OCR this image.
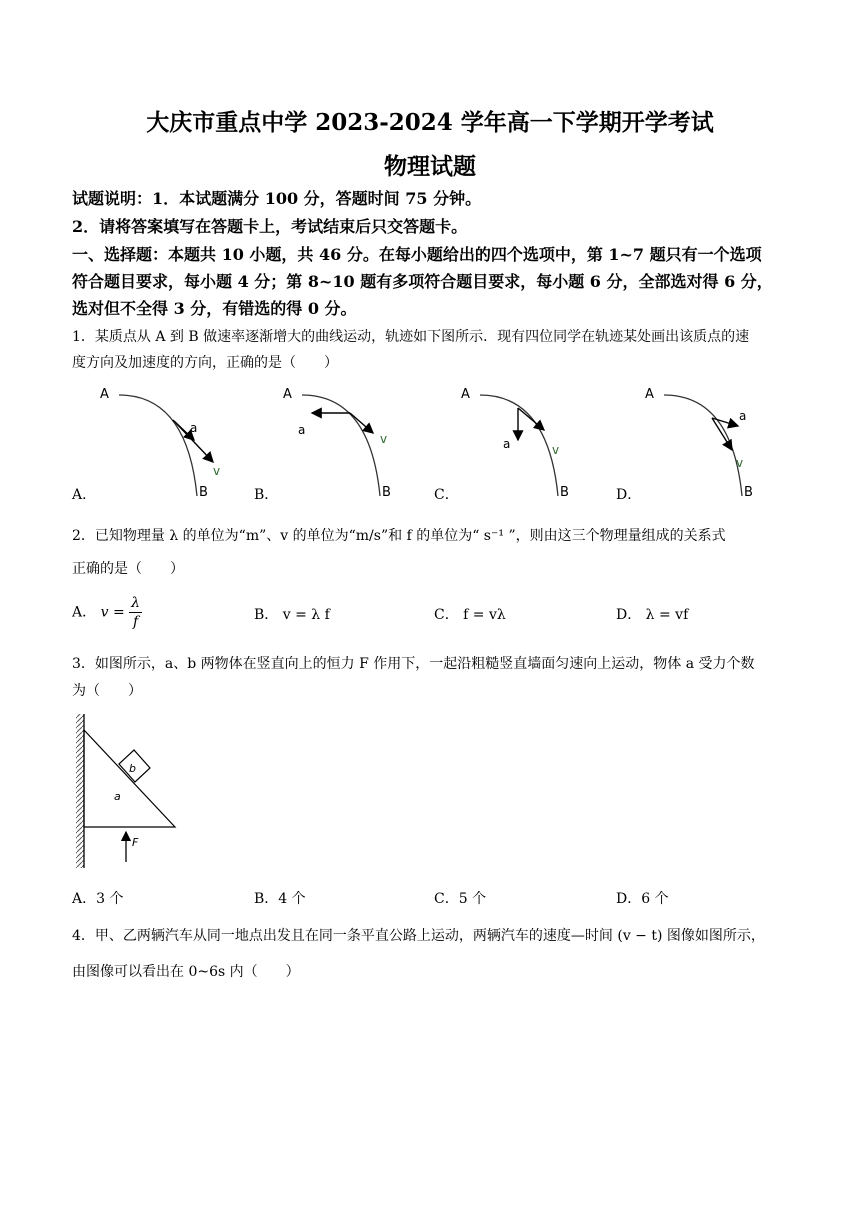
大庆市重点中学 2023-2024 学年高一下学期开学考试
物理试题
试题说明：1．本试题满分 100 分，答题时间 75 分钟。
2．请将答案填写在答题卡上，考试结束后只交答题卡。
一、选择题：本题共 10 小题，共 46 分。在每小题给出的四个选项中，第 1~7 题只有一个选项
符合题目要求，每小题 4 分；第 8~10 题有多项符合题目要求，每小题 6 分，全部选对得 6 分，
选对但不全得 3 分，有错选的得 0 分。
1．某质点从 A 到 B 做速率逐渐增大的曲线运动，轨迹如下图所示．现有四位同学在轨迹某处画出该质点的速
度方向及加速度的方向，正确的是（　　）
A
B
a
v
A．
A
B
a
v
B．
A
B
a	v
C．
A
B
a
v
D．
2．已知物理量 λ 的单位为“m”、v 的单位为“m/s”和 f 的单位为“ s⁻¹ ”，则由这三个物理量组成的关系式
正确的是（　　）
A． $v = \frac{\lambda}{f}$	B． v = λ f	C． f = vλ	D． λ = vf
3．如图所示，a、b 两物体在竖直向上的恒力 F 作用下，一起沿粗糙竖直墙面匀速向上运动，物体 a 受力个数
为（　　）
b
a
F
A．3 个	B．4 个	C．5 个	D．6 个
4．甲、乙两辆汽车从同一地点出发且在同一条平直公路上运动，两辆汽车的速度—时间 (v − t) 图像如图所示，
由图像可以看出在 0~6s 内（　　）
